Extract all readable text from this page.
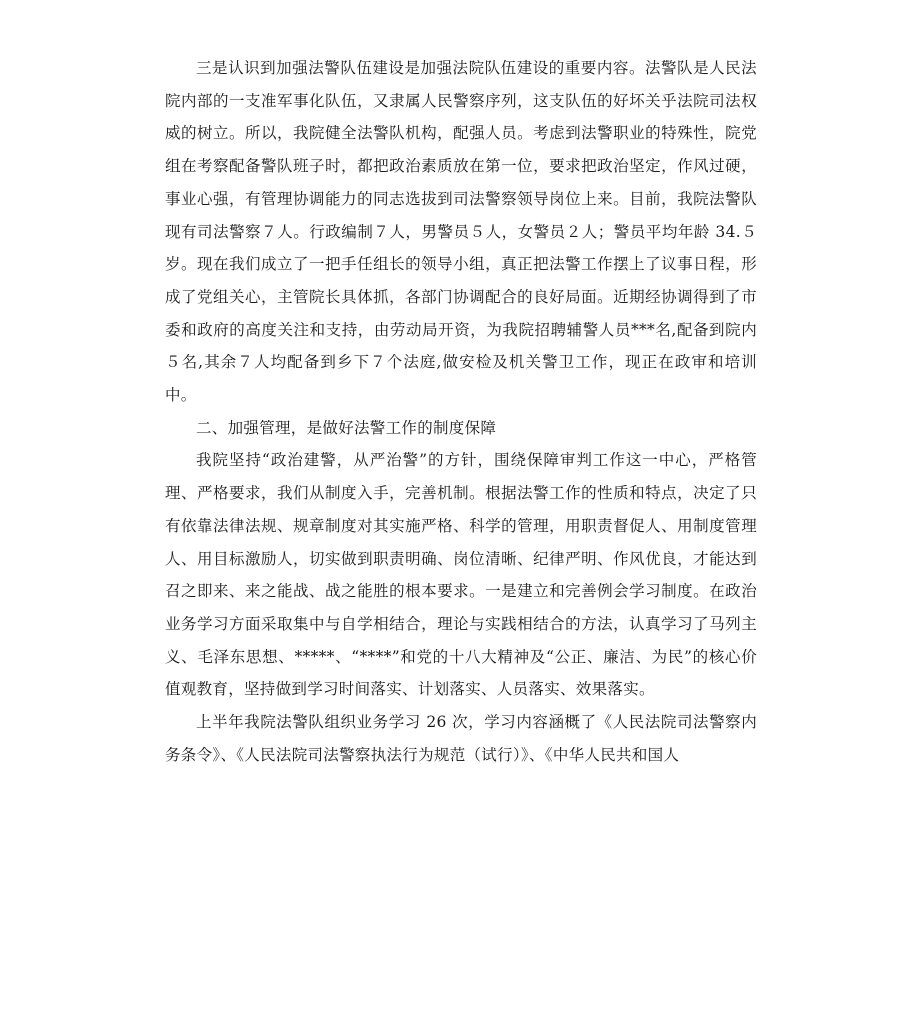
三是认识到加强法警队伍建设是加强法院队伍建设的重要内容。法警队是人民法院内部的一支准军事化队伍，又隶属人民警察序列，这支队伍的好坏关乎法院司法权威的树立。所以，我院健全法警队机构，配强人员。考虑到法警职业的特殊性，院党组在考察配备警队班子时，都把政治素质放在第一位，要求把政治坚定，作风过硬，事业心强，有管理协调能力的同志选拔到司法警察领导岗位上来。目前，我院法警队现有司法警察７人。行政编制７人，男警员５人，女警员２人；警员平均年龄 34.５岁。现在我们成立了一把手任组长的领导小组，真正把法警工作摆上了议事日程，形成了党组关心，主管院长具体抓，各部门协调配合的良好局面。近期经协调得到了市委和政府的高度关注和支持，由劳动局开资，为我院招聘辅警人员***名,配备到院内５名,其余７人均配备到乡下７个法庭,做安检及机关警卫工作，现正在政审和培训中。

二、加强管理，是做好法警工作的制度保障

我院坚持“政治建警，从严治警”的方针，围绕保障审判工作这一中心，严格管理、严格要求，我们从制度入手，完善机制。根据法警工作的性质和特点，决定了只有依靠法律法规、规章制度对其实施严格、科学的管理，用职责督促人、用制度管理人、用目标激励人，切实做到职责明确、岗位清晰、纪律严明、作风优良，才能达到召之即来、来之能战、战之能胜的根本要求。一是建立和完善例会学习制度。在政治业务学习方面采取集中与自学相结合，理论与实践相结合的方法，认真学习了马列主义、毛泽东思想、*****、“****”和党的十八大精神及“公正、廉洁、为民”的核心价值观教育，坚持做到学习时间落实、计划落实、人员落实、效果落实。

上半年我院法警队组织业务学习 26 次，学习内容涵概了《人民法院司法警察内务条令》、《人民法院司法警察执法行为规范（试行）》、《中华人民共和国人
